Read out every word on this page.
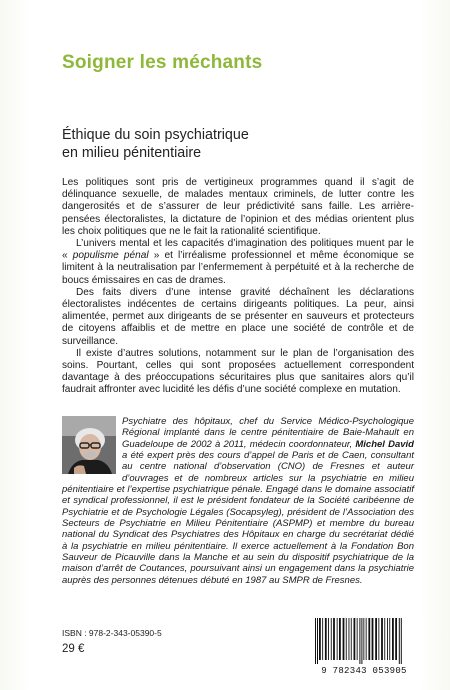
Soigner les méchants
Éthique du soin psychiatrique
en milieu pénitentiaire

Les politiques sont pris de vertigineux programmes quand il s’agit de délinquance sexuelle, de malades mentaux criminels, de lutter contre les dangerosités et de s’assurer de leur prédictivité sans faille. Les arrière-pensées électoralistes, la dictature de l’opinion et des médias orientent plus les choix politiques que ne le fait la rationalité scientifique.

L’univers mental et les capacités d’imagination des politiques muent par le « populisme pénal » et l’irréalisme professionnel et même économique se limitent à la neutralisation par l’enfermement à perpétuité et à la recherche de boucs émissaires en cas de drames.

Des faits divers d’une intense gravité déchaînent les déclarations électoralistes indécentes de certains dirigeants politiques. La peur, ainsi alimentée, permet aux dirigeants de se présenter en sauveurs et protecteurs de citoyens affaiblis et de mettre en place une société de contrôle et de surveillance.

Il existe d’autres solutions, notamment sur le plan de l’organisation des soins. Pourtant, celles qui sont proposées actuellement correspondent davantage à des préoccupations sécuritaires plus que sanitaires alors qu’il faudrait affronter avec lucidité les défis d’une société complexe en mutation.

Psychiatre des hôpitaux, chef du Service Médico-Psychologique Régional implanté dans le centre pénitentiaire de Baie-Mahault en Guadeloupe de 2002 à 2011, médecin coordonnateur, Michel David a été expert près des cours d’appel de Paris et de Caen, consultant au centre national d’observation (CNO) de Fresnes et auteur d’ouvrages et de nombreux articles sur la psychiatrie en milieu pénitentiaire et l’expertise psychiatrique pénale. Engagé dans le domaine associatif et syndical professionnel, il est le président fondateur de la Société caribéenne de Psychiatrie et de Psychologie Légales (Socapsyleg), président de l’Association des Secteurs de Psychiatrie en Milieu Pénitentiaire (ASPMP) et membre du bureau national du Syndicat des Psychiatres des Hôpitaux en charge du secrétariat dédié à la psychiatrie en milieu pénitentiaire. Il exerce actuellement à la Fondation Bon Sauveur de Picauville dans la Manche et au sein du dispositif psychiatrique de la maison d’arrêt de Coutances, poursuivant ainsi un engagement dans la psychiatrie auprès des personnes détenues débuté en 1987 au SMPR de Fresnes.
ISBN : 978-2-343-05390-5
29 €
9 782343 053905
